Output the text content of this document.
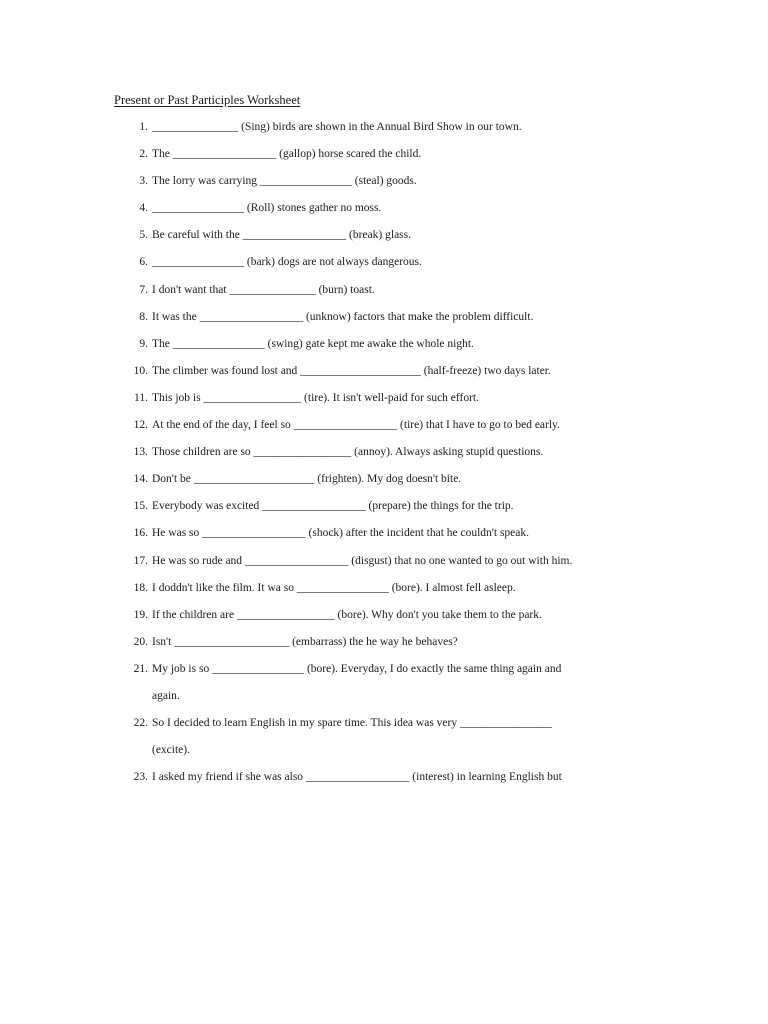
Present or Past Participles Worksheet
1. _______________ (Sing) birds are shown in the Annual Bird Show in our town.
2. The __________________ (gallop) horse scared the child.
3. The lorry was carrying ________________ (steal) goods.
4. ________________ (Roll) stones gather no moss.
5. Be careful with the __________________ (break) glass.
6. ________________ (bark) dogs are not always dangerous.
7. I don't want that _______________ (burn) toast.
8. It was the __________________ (unknow) factors that make the problem difficult.
9. The ________________ (swing) gate kept me awake the whole night.
10. The climber was found lost and _____________________ (half-freeze) two days later.
11. This job is _________________ (tire). It isn't well-paid for such effort.
12. At the end of the day, I feel so __________________ (tire) that I have to go to bed early.
13. Those children are so _________________ (annoy). Always asking stupid questions.
14. Don't be _____________________ (frighten). My dog doesn't bite.
15. Everybody was excited __________________ (prepare) the things for the trip.
16. He was so __________________ (shock) after the incident that he couldn't speak.
17. He was so rude and __________________ (disgust) that no one wanted to go out with him.
18. I doddn't like the film. It wa so ________________ (bore). I almost fell asleep.
19. If the children are _________________ (bore). Why don't you take them to the park.
20. Isn't ____________________ (embarrass) the he way he behaves?
21. My job is so ________________ (bore). Everyday, I do exactly the same thing again and
again.
22. So I decided to learn English in my spare time. This idea was very ________________
(excite).
23. I asked my friend if she was also __________________ (interest) in learning English but
